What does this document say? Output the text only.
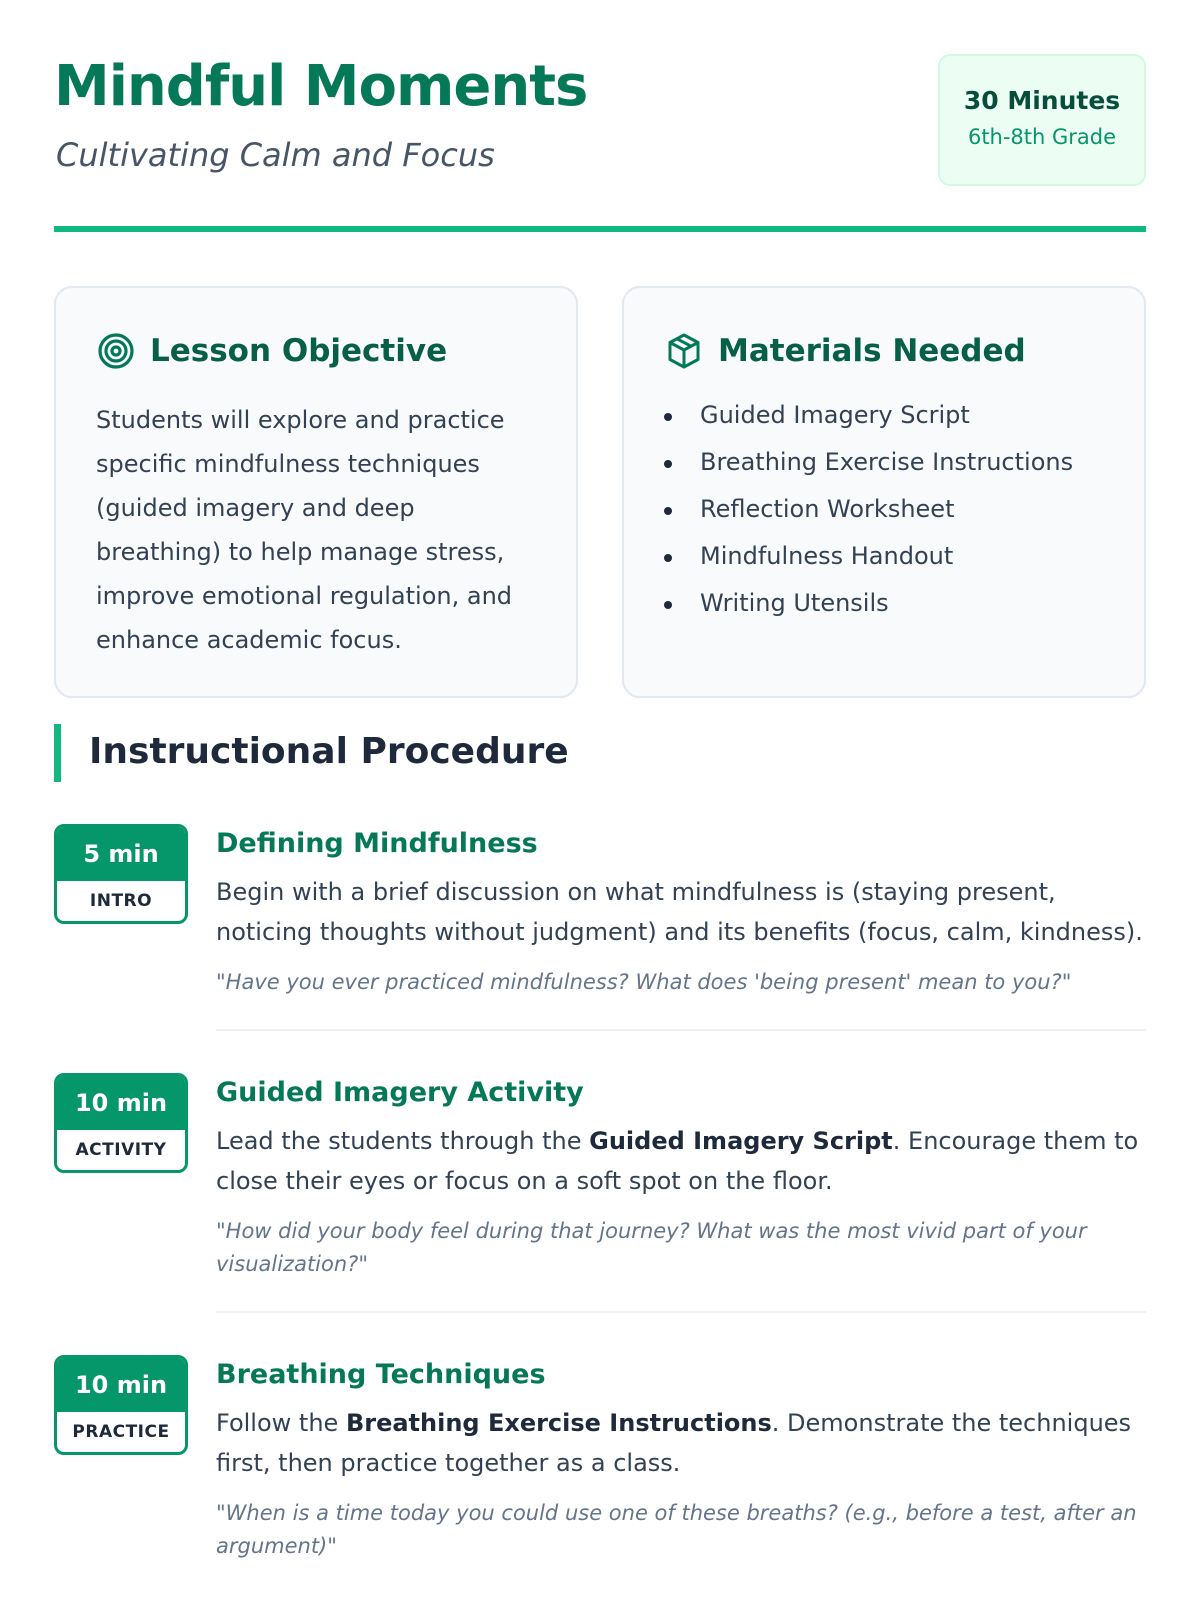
Mindful Moments
Cultivating Calm and Focus
30 Minutes
6th-8th Grade
Lesson Objective

Students will explore and practice specific mindfulness techniques (guided imagery and deep breathing) to help manage stress, improve emotional regulation, and enhance academic focus.

Materials Needed
Guided Imagery Script
Breathing Exercise Instructions
Reflection Worksheet
Mindfulness Handout
Writing Utensils
Instructional Procedure
5 min
INTRO
Defining Mindfulness

Begin with a brief discussion on what mindfulness is (staying present, noticing thoughts without judgment) and its benefits (focus, calm, kindness).

"Have you ever practiced mindfulness? What does 'being present' mean to you?"

10 min
ACTIVITY
Guided Imagery Activity

Lead the students through the Guided Imagery Script. Encourage them to close their eyes or focus on a soft spot on the floor.

"How did your body feel during that journey? What was the most vivid part of your visualization?"

10 min
PRACTICE
Breathing Techniques

Follow the Breathing Exercise Instructions. Demonstrate the techniques first, then practice together as a class.

"When is a time today you could use one of these breaths? (e.g., before a test, after an argument)"
